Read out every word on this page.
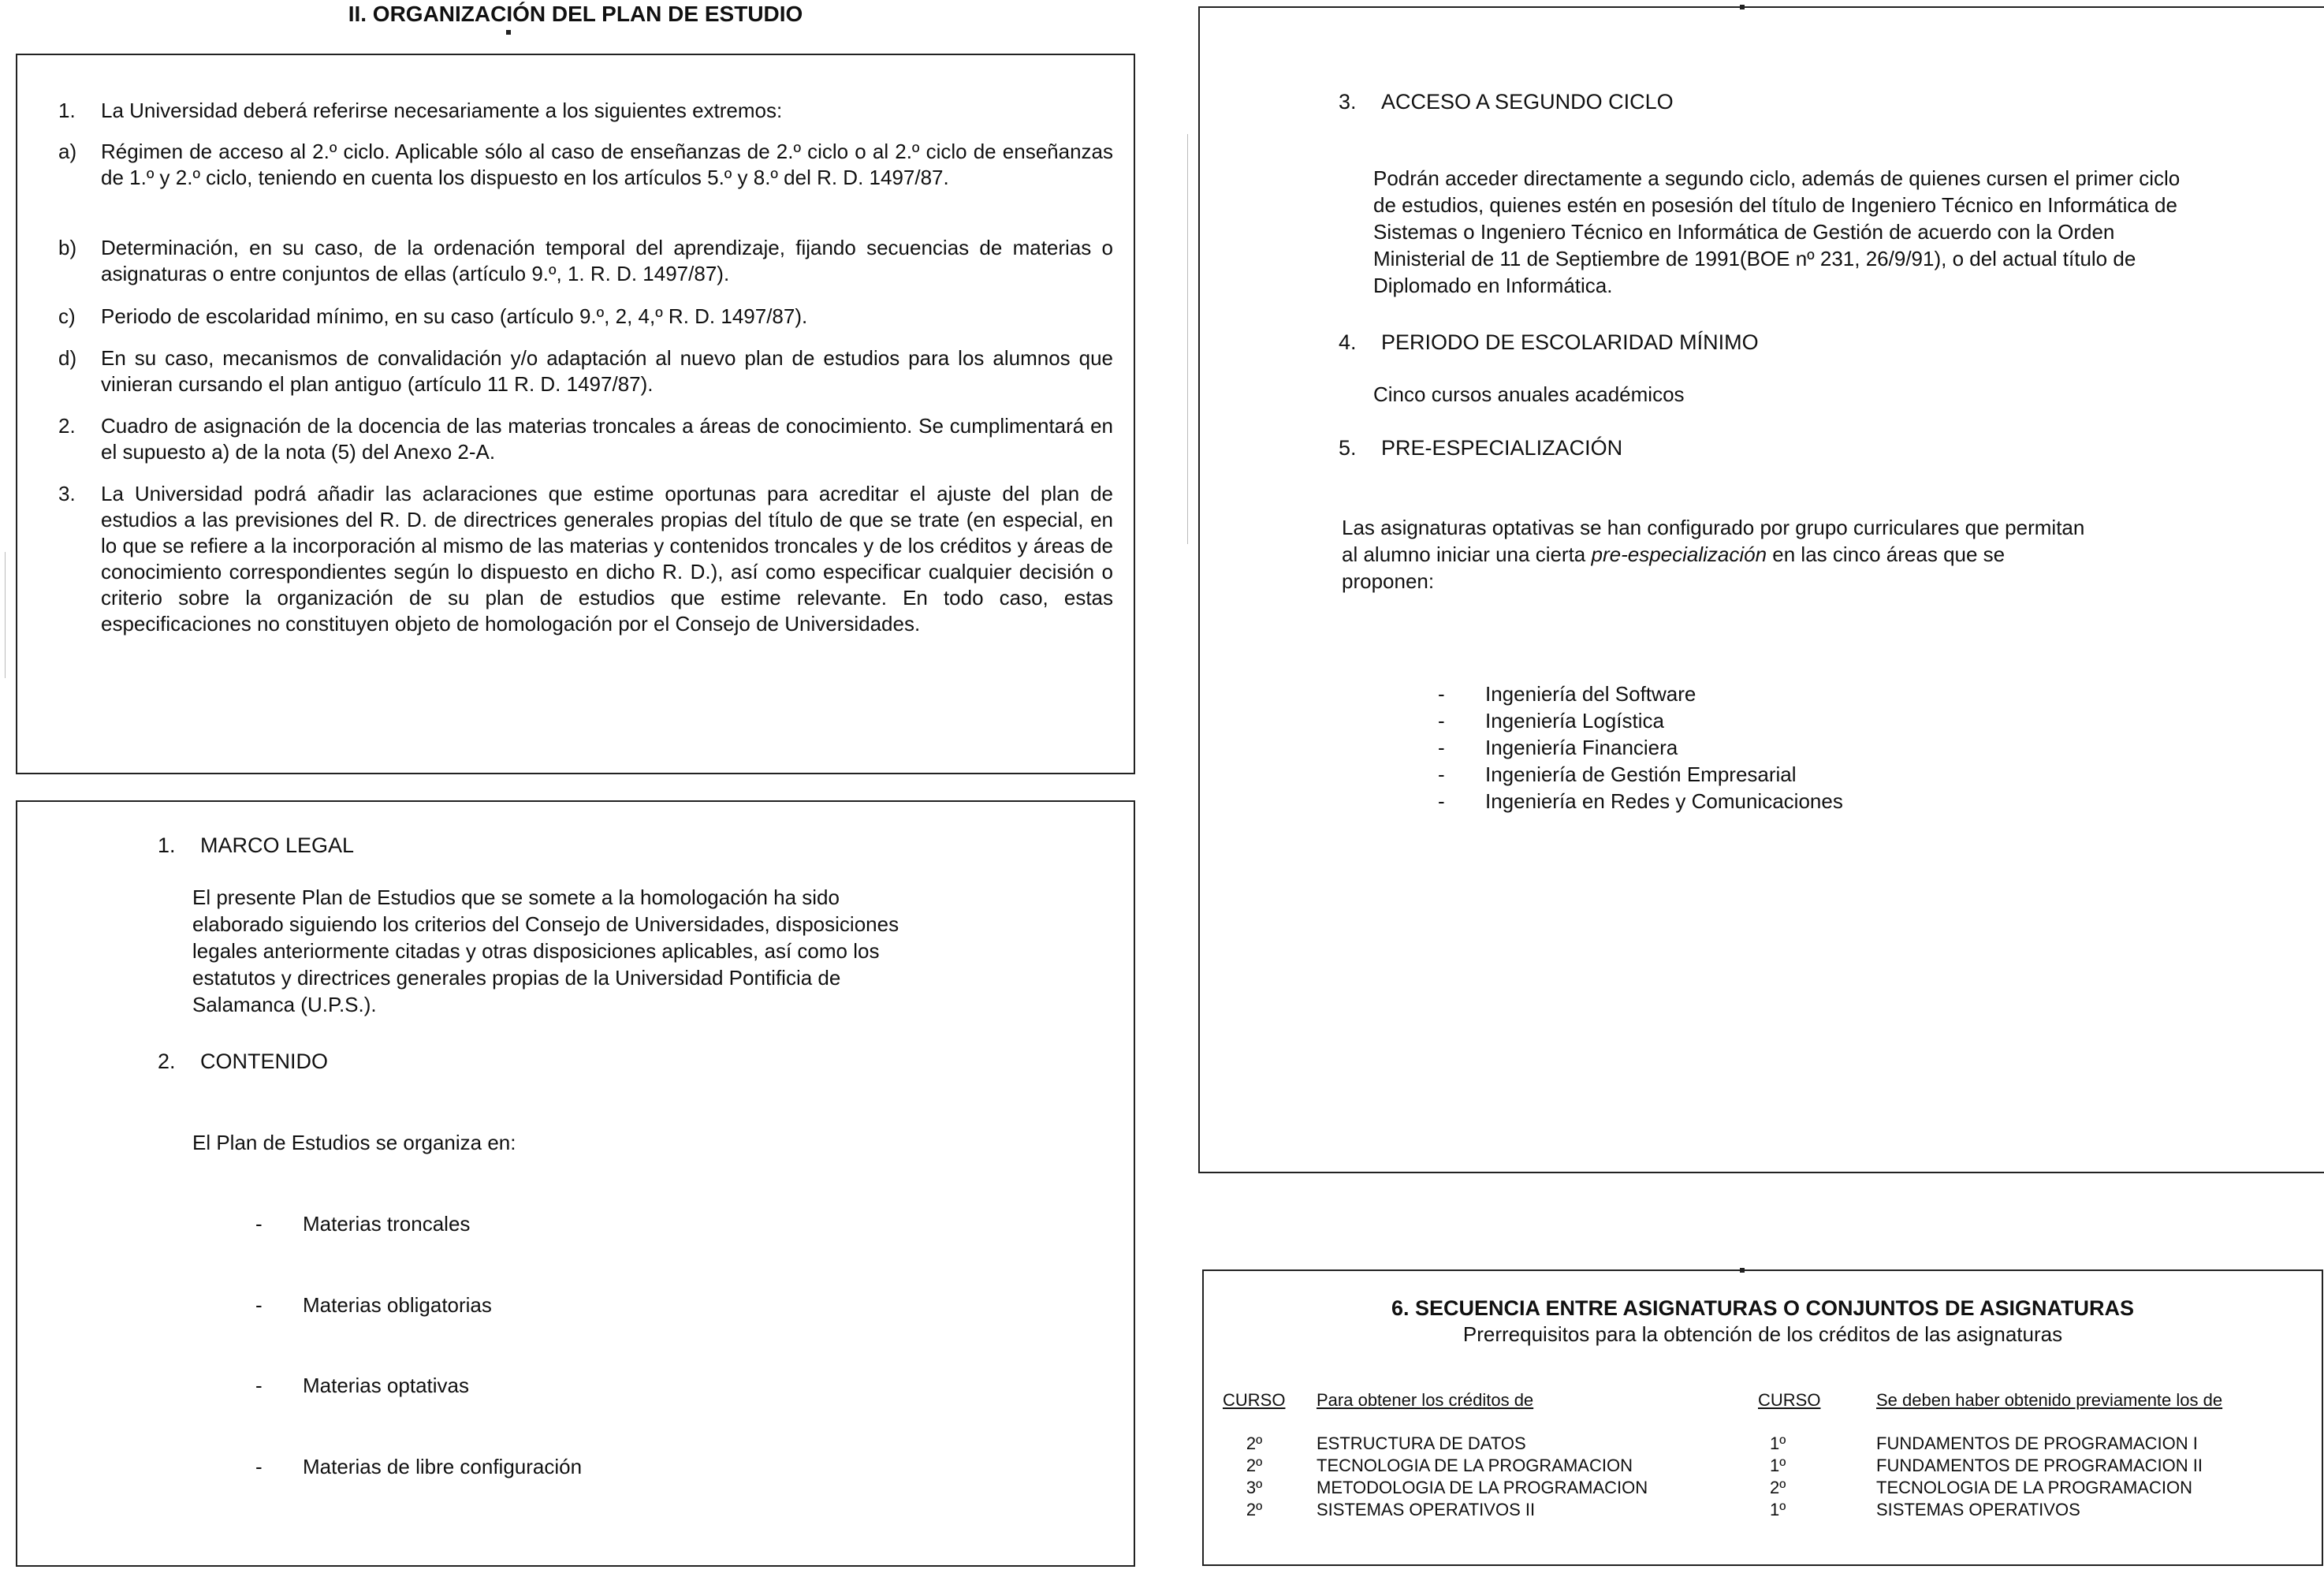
II. ORGANIZACIÓN DEL PLAN DE ESTUDIO
1.	La Universidad deberá referirse necesariamente a los siguientes extremos:
a)	Régimen de acceso al 2.º ciclo. Aplicable sólo al caso de enseñanzas de 2.º ciclo o al 2.º ciclo de enseñanzas de 1.º y 2.º ciclo, teniendo en cuenta los dispuesto en los artículos 5.º y 8.º del R. D. 1497/87.
b)	Determinación, en su caso, de la ordenación temporal del aprendizaje, fijando secuencias de materias o asignaturas o entre conjuntos de ellas (artículo 9.º, 1. R. D. 1497/87).
c)	Periodo de escolaridad mínimo, en su caso (artículo 9.º, 2, 4,º R. D. 1497/87).
d)	En su caso, mecanismos de convalidación y/o adaptación al nuevo plan de estudios para los alumnos que vinieran cursando el plan antiguo (artículo 11 R. D. 1497/87).
2.	Cuadro de asignación de la docencia de las materias troncales a áreas de conocimiento. Se cumplimentará en el supuesto a) de la nota (5) del Anexo 2-A.
3.	La Universidad podrá añadir las aclaraciones que estime oportunas para acreditar el ajuste del plan de estudios a las previsiones del R. D. de directrices generales propias del título de que se trate (en especial, en lo que se refiere a la incorporación al mismo de las materias y contenidos troncales y de los créditos y áreas de conocimiento correspondientes según lo dispuesto en dicho R. D.), así como especificar cualquier decisión o criterio sobre la organización de su plan de estudios que estime relevante. En todo caso, estas especificaciones no constituyen objeto de homologación por el Consejo de Universidades.
1. MARCO LEGAL
El presente Plan de Estudios que se somete a la homologación ha sido
elaborado siguiendo los criterios del Consejo de Universidades, disposiciones
legales anteriormente citadas y otras disposiciones aplicables, así como los
estatutos y directrices generales propias de la Universidad Pontificia de
Salamanca (U.P.S.).
2. CONTENIDO
El Plan de Estudios se organiza en:
-	Materias troncales
-	Materias obligatorias
-	Materias optativas
-	Materias de libre configuración
3. ACCESO A SEGUNDO CICLO
Podrán acceder directamente a segundo ciclo, además de quienes cursen el primer ciclo
de estudios, quienes estén en posesión del título de Ingeniero Técnico en Informática de
Sistemas o Ingeniero Técnico en Informática de Gestión de acuerdo con la Orden
Ministerial de 11 de Septiembre de 1991(BOE nº 231, 26/9/91), o del actual título de
Diplomado en Informática.
4. PERIODO DE ESCOLARIDAD MÍNIMO
Cinco cursos anuales académicos
5. PRE-ESPECIALIZACIÓN
Las asignaturas optativas se han configurado por grupo curriculares que permitan
al alumno iniciar una cierta pre-especialización en las cinco áreas que se
proponen:
-	Ingeniería del Software
-	Ingeniería Logística
-	Ingeniería Financiera
-	Ingeniería de Gestión Empresarial
-	Ingeniería en Redes y Comunicaciones
6. SECUENCIA ENTRE ASIGNATURAS O CONJUNTOS DE ASIGNATURAS
Prerrequisitos para la obtención de los créditos de las asignaturas
CURSO Para obtener los créditos de	CURSO	Se deben haber obtenido previamente los de
2º	ESTRUCTURA DE DATOS	1º	FUNDAMENTOS DE PROGRAMACION I
2º	TECNOLOGIA DE LA PROGRAMACION	1º	FUNDAMENTOS DE PROGRAMACION II
3º	METODOLOGIA DE LA PROGRAMACION	2º	TECNOLOGIA DE LA PROGRAMACION
2º	SISTEMAS OPERATIVOS II	1º	SISTEMAS OPERATIVOS
